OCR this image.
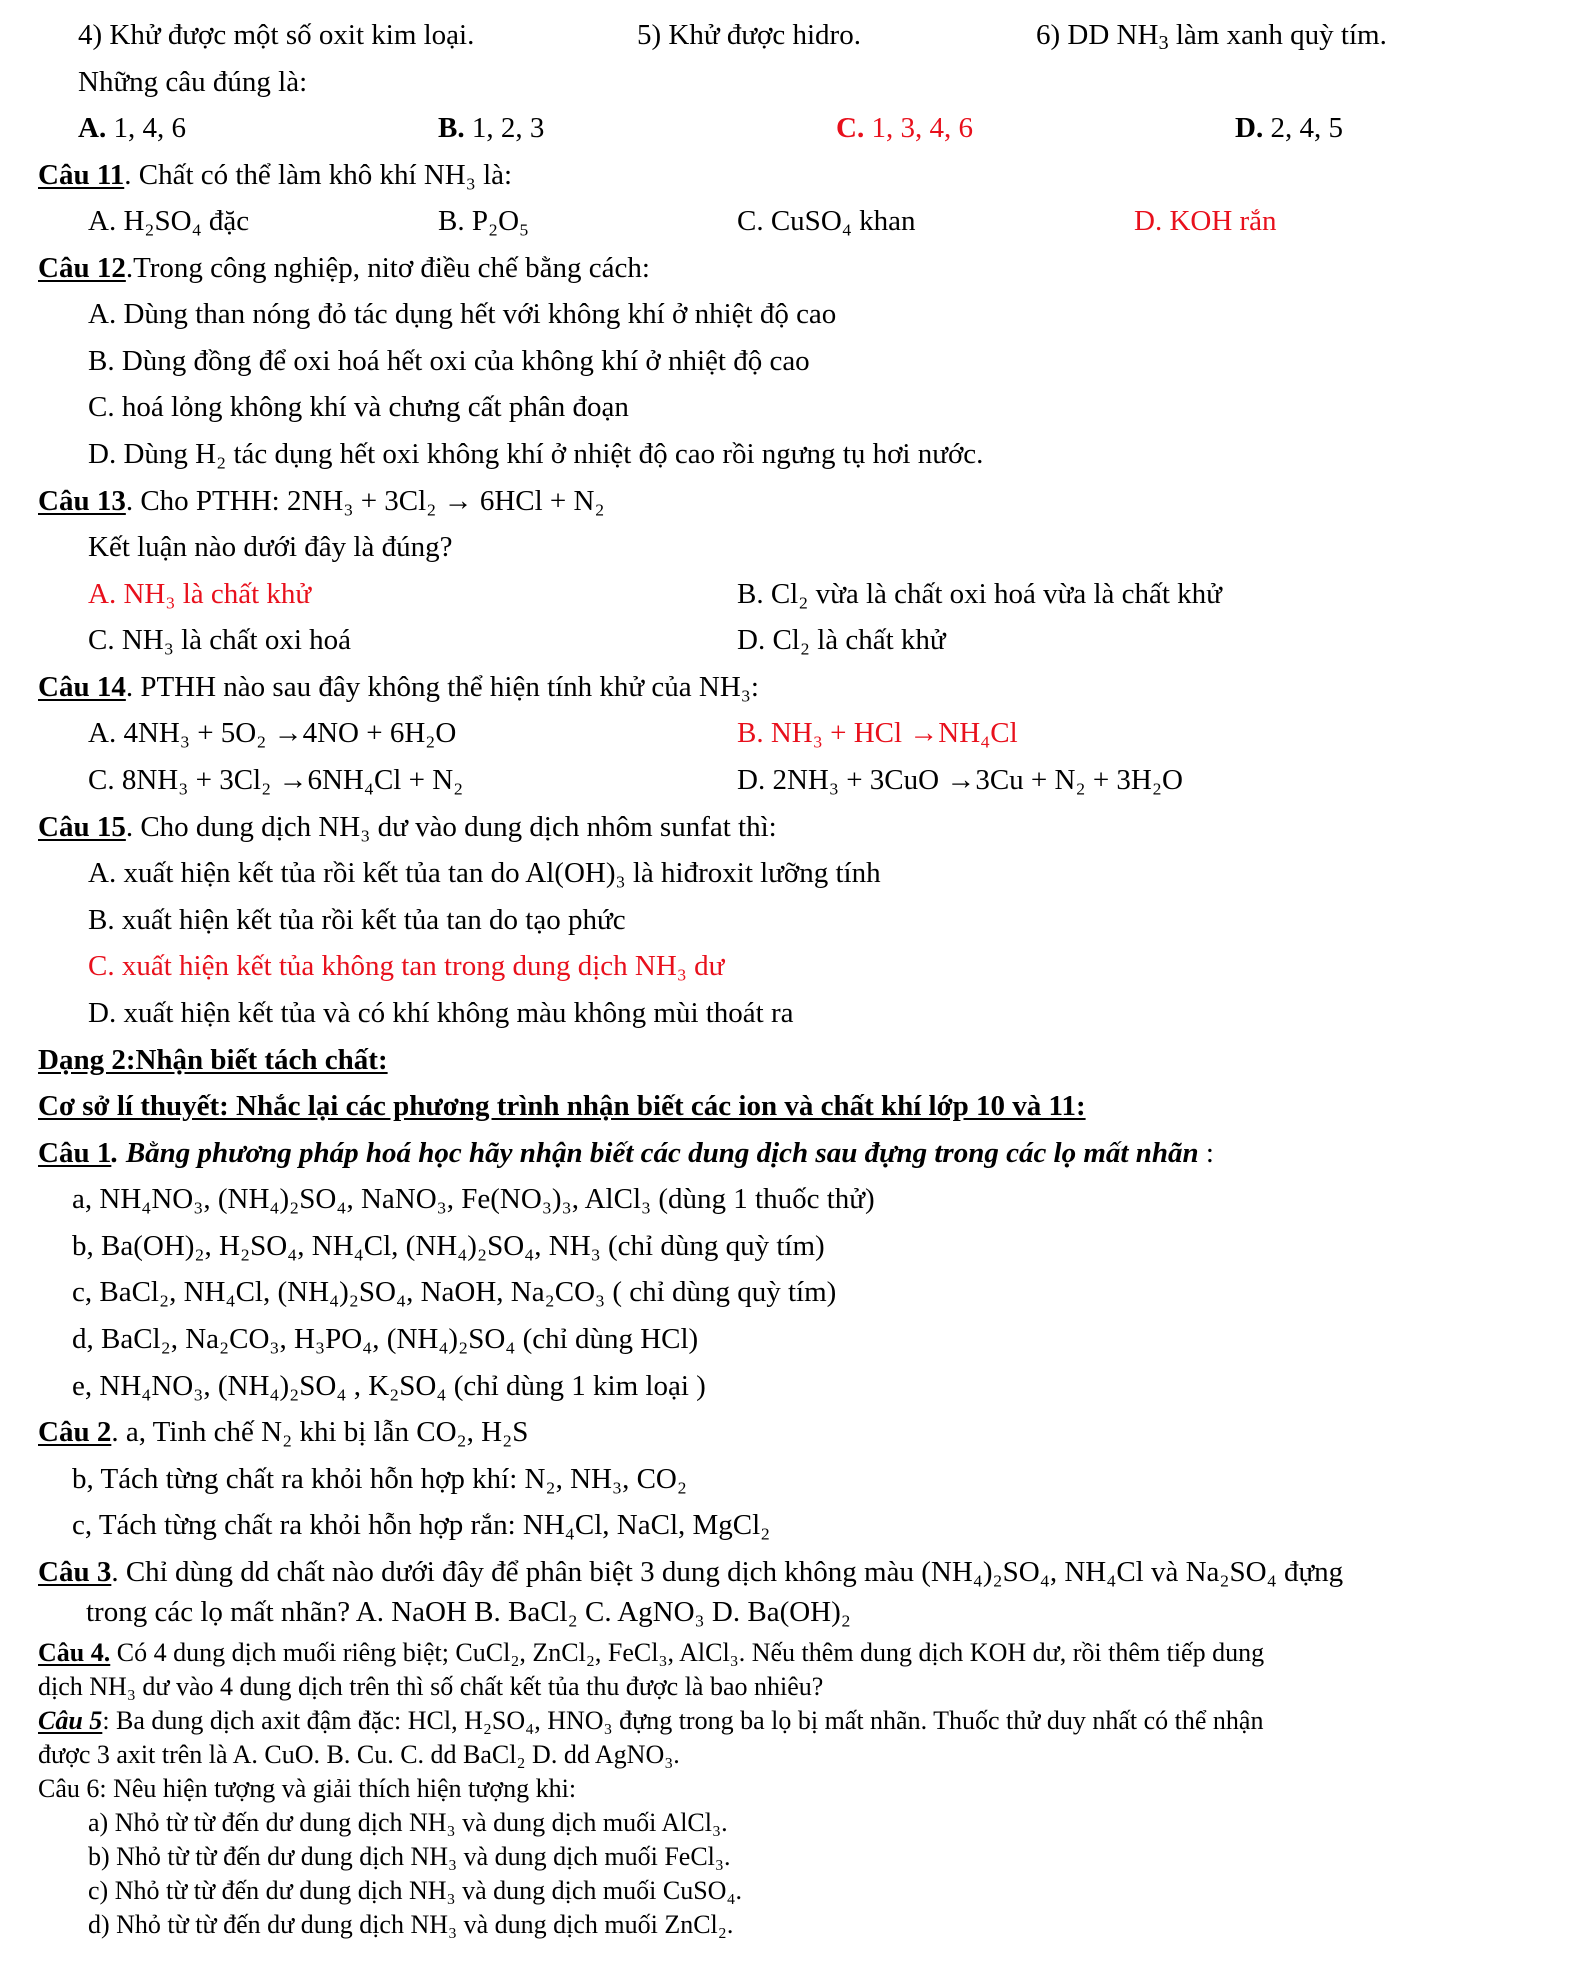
4) Khử được một số oxit kim loại.	5) Khử được hidro.	6) DD $NH_3$ làm xanh quỳ tím.
Những câu đúng là:
A. 1, 4, 6	B. 1, 2, 3	C. 1, 3, 4, 6	D. 2, 4, 5
Câu 11. Chất có thể làm khô khí NH₃ là:
A. H₂SO₄ đặc	B. P₂O₅	C. CuSO₄ khan	D. KOH rắn
Câu 12.Trong công nghiệp, nitơ điều chế bằng cách:
A. Dùng than nóng đỏ tác dụng hết với không khí ở nhiệt độ cao
B. Dùng đồng để oxi hoá hết oxi của không khí ở nhiệt độ cao
C. hoá lỏng không khí và chưng cất phân đoạn
D. Dùng H₂ tác dụng hết oxi không khí ở nhiệt độ cao rồi ngưng tụ hơi nước.
Câu 13. Cho PTHH: 2NH₃ + 3Cl₂ → 6HCl + N₂
Kết luận nào dưới đây là đúng?
A. NH₃ là chất khử	B. Cl₂ vừa là chất oxi hoá vừa là chất khử
C. NH₃ là chất oxi hoá	D. Cl₂ là chất khử
Câu 14. PTHH nào sau đây không thể hiện tính khử của NH₃:
A. 4NH₃ + 5O₂ →4NO + 6H₂O	B. NH₃ + HCl →NH₄Cl
C. 8NH₃ + 3Cl₂ →6NH₄Cl + N₂	D. 2NH₃ + 3CuO →3Cu + N₂ + 3H₂O
Câu 15. Cho dung dịch NH₃ dư vào dung dịch nhôm sunfat thì:
A. xuất hiện kết tủa rồi kết tủa tan do Al(OH)₃ là hiđroxit lưỡng tính
B. xuất hiện kết tủa rồi kết tủa tan do tạo phức
C. xuất hiện kết tủa không tan trong dung dịch NH₃ dư
D. xuất hiện kết tủa và có khí không màu không mùi thoát ra
Dạng 2:Nhận biết tách chất:
Cơ sở lí thuyết: Nhắc lại các phương trình nhận biết các ion và chất khí lớp 10 và 11:
Câu 1. Bằng phương pháp hoá học hãy nhận biết các dung dịch sau đựng trong các lọ mất nhãn :
a, NH₄NO₃, (NH₄)₂SO₄, NaNO₃, Fe(NO₃)₃, AlCl₃ (dùng 1 thuốc thử)
b, Ba(OH)₂, H₂SO₄, NH₄Cl, (NH₄)₂SO₄, NH₃ (chỉ dùng quỳ tím)
c, BaCl₂, NH₄Cl, (NH₄)₂SO₄, NaOH, Na₂CO₃ ( chỉ dùng quỳ tím)
d, BaCl₂, Na₂CO₃, H₃PO₄, (NH₄)₂SO₄ (chỉ dùng HCl)
e, NH₄NO₃, (NH₄)₂SO₄ , K₂SO₄ (chỉ dùng 1 kim loại )
Câu 2. a, Tinh chế N₂ khi bị lẫn CO₂, H₂S
b, Tách từng chất ra khỏi hỗn hợp khí: N₂, NH₃, CO₂
c, Tách từng chất ra khỏi hỗn hợp rắn: NH₄Cl, NaCl, MgCl₂
Câu 3. Chỉ dùng dd chất nào dưới đây để phân biệt 3 dung dịch không màu (NH₄)₂SO₄, NH₄Cl và Na₂SO₄ đựng
trong các lọ mất nhãn? A. NaOH B. BaCl₂ C. AgNO₃ D. Ba(OH)₂
Câu 4. Có 4 dung dịch muối riêng biệt; CuCl₂, ZnCl₂, FeCl₃, AlCl₃. Nếu thêm dung dịch KOH dư, rồi thêm tiếp dung
dịch NH₃ dư vào 4 dung dịch trên thì số chất kết tủa thu được là bao nhiêu?
Câu 5: Ba dung dịch axit đậm đặc: HCl, H₂SO₄, HNO₃ đựng trong ba lọ bị mất nhãn. Thuốc thử duy nhất có thể nhận
được 3 axit trên là A. CuO. B. Cu. C. dd BaCl₂ D. dd AgNO₃.
Câu 6: Nêu hiện tượng và giải thích hiện tượng khi:
a) Nhỏ từ từ đến dư dung dịch NH₃ và dung dịch muối AlCl₃.
b) Nhỏ từ từ đến dư dung dịch NH₃ và dung dịch muối FeCl₃.
c) Nhỏ từ từ đến dư dung dịch NH₃ và dung dịch muối CuSO₄.
d) Nhỏ từ từ đến dư dung dịch NH₃ và dung dịch muối ZnCl₂.
